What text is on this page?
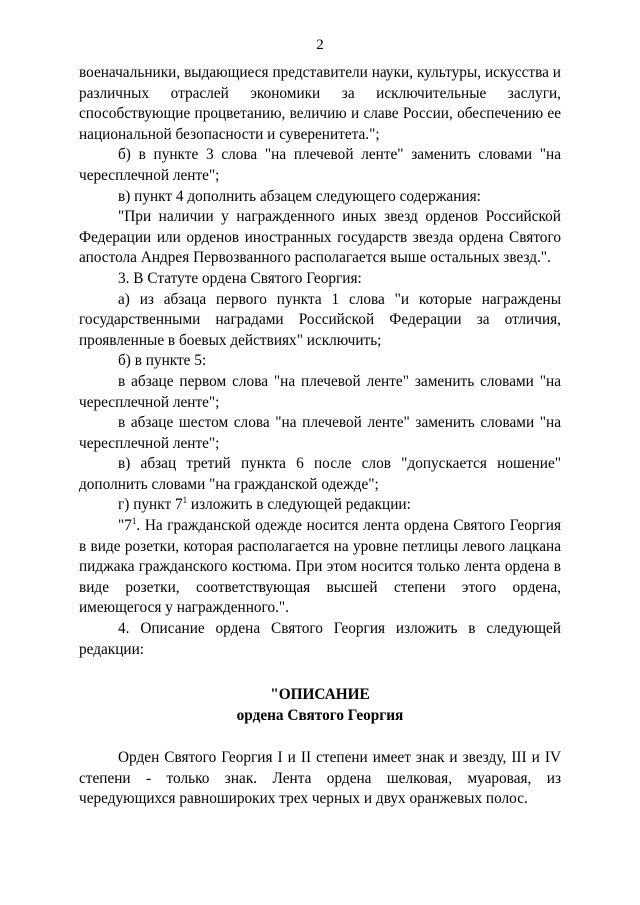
2

военачальники, выдающиеся представители науки, культуры, искусства и различных отраслей экономики за исключительные заслуги, способствующие процветанию, величию и славе России, обеспечению ее национальной безопасности и суверенитета.";

б) в пункте 3 слова "на плечевой ленте" заменить словами "на чересплечной ленте";

в) пункт 4 дополнить абзацем следующего содержания:

"При наличии у награжденного иных звезд орденов Российской Федерации или орденов иностранных государств звезда ордена Святого апостола Андрея Первозванного располагается выше остальных звезд.".

3. В Статуте ордена Святого Георгия:

а) из абзаца первого пункта 1 слова "и которые награждены государственными наградами Российской Федерации за отличия, проявленные в боевых действиях" исключить;

б) в пункте 5:

в абзаце первом слова "на плечевой ленте" заменить словами "на чересплечной ленте";

в абзаце шестом слова "на плечевой ленте" заменить словами "на чересплечной ленте";

в) абзац третий пункта 6 после слов "допускается ношение" дополнить словами "на гражданской одежде";

г) пункт $7^1$ изложить в следующей редакции:

"$7^1$. На гражданской одежде носится лента ордена Святого Георгия в виде розетки, которая располагается на уровне петлицы левого лацкана пиджака гражданского костюма. При этом носится только лента ордена в виде розетки, соответствующая высшей степени этого ордена, имеющегося у награжденного.".

4. Описание ордена Святого Георгия изложить в следующей редакции:

"ОПИСАНИЕ
ордена Святого Георгия

Орден Святого Георгия I и II степени имеет знак и звезду, III и IV степени - только знак. Лента ордена шелковая, муаровая, из чередующихся равношироких трех черных и двух оранжевых полос.
